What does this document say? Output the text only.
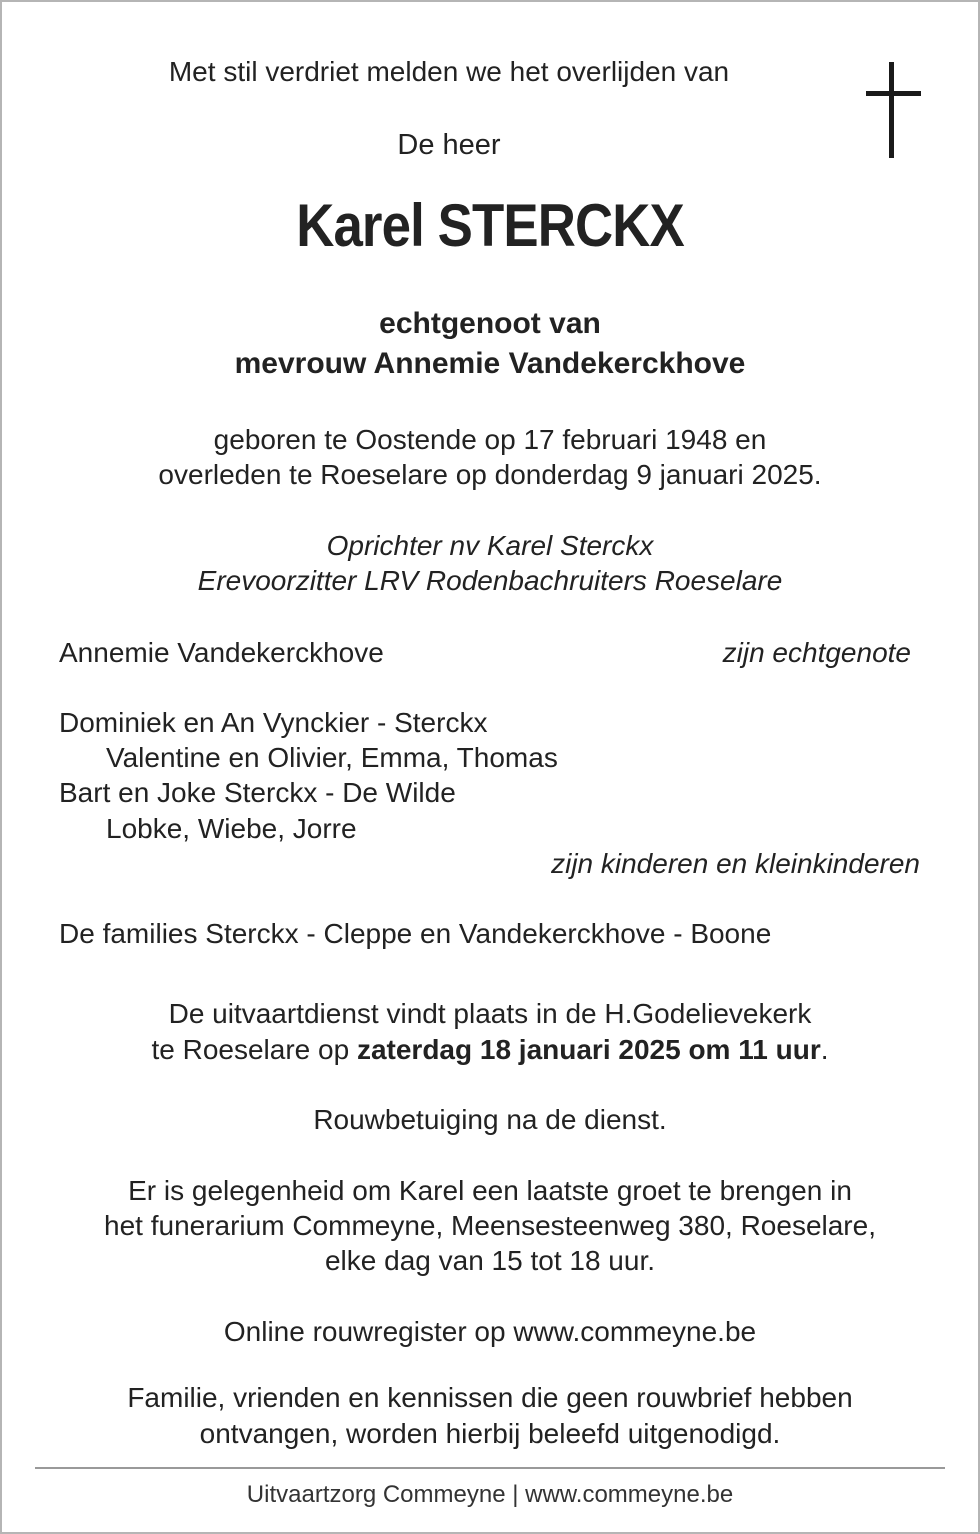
Met stil verdriet melden we het overlijden van
De heer
Karel STERCKX
echtgenoot van
mevrouw Annemie Vandekerckhove
geboren te Oostende op 17 februari 1948 en
overleden te Roeselare op donderdag 9 januari 2025.
Oprichter nv Karel Sterckx
Erevoorzitter LRV Rodenbachruiters Roeselare
Annemie Vandekerckhove	zijn echtgenote
Dominiek en An Vynckier - Sterckx
Valentine en Olivier, Emma, Thomas
Bart en Joke Sterckx - De Wilde
Lobke, Wiebe, Jorre
zijn kinderen en kleinkinderen
De families Sterckx - Cleppe en Vandekerckhove - Boone
De uitvaartdienst vindt plaats in de H.Godelievekerk
te Roeselare op zaterdag 18 januari 2025 om 11 uur.
Rouwbetuiging na de dienst.
Er is gelegenheid om Karel een laatste groet te brengen in
het funerarium Commeyne, Meensesteenweg 380, Roeselare,
elke dag van 15 tot 18 uur.
Online rouwregister op www.commeyne.be
Familie, vrienden en kennissen die geen rouwbrief hebben
ontvangen, worden hierbij beleefd uitgenodigd.
Uitvaartzorg Commeyne | www.commeyne.be
